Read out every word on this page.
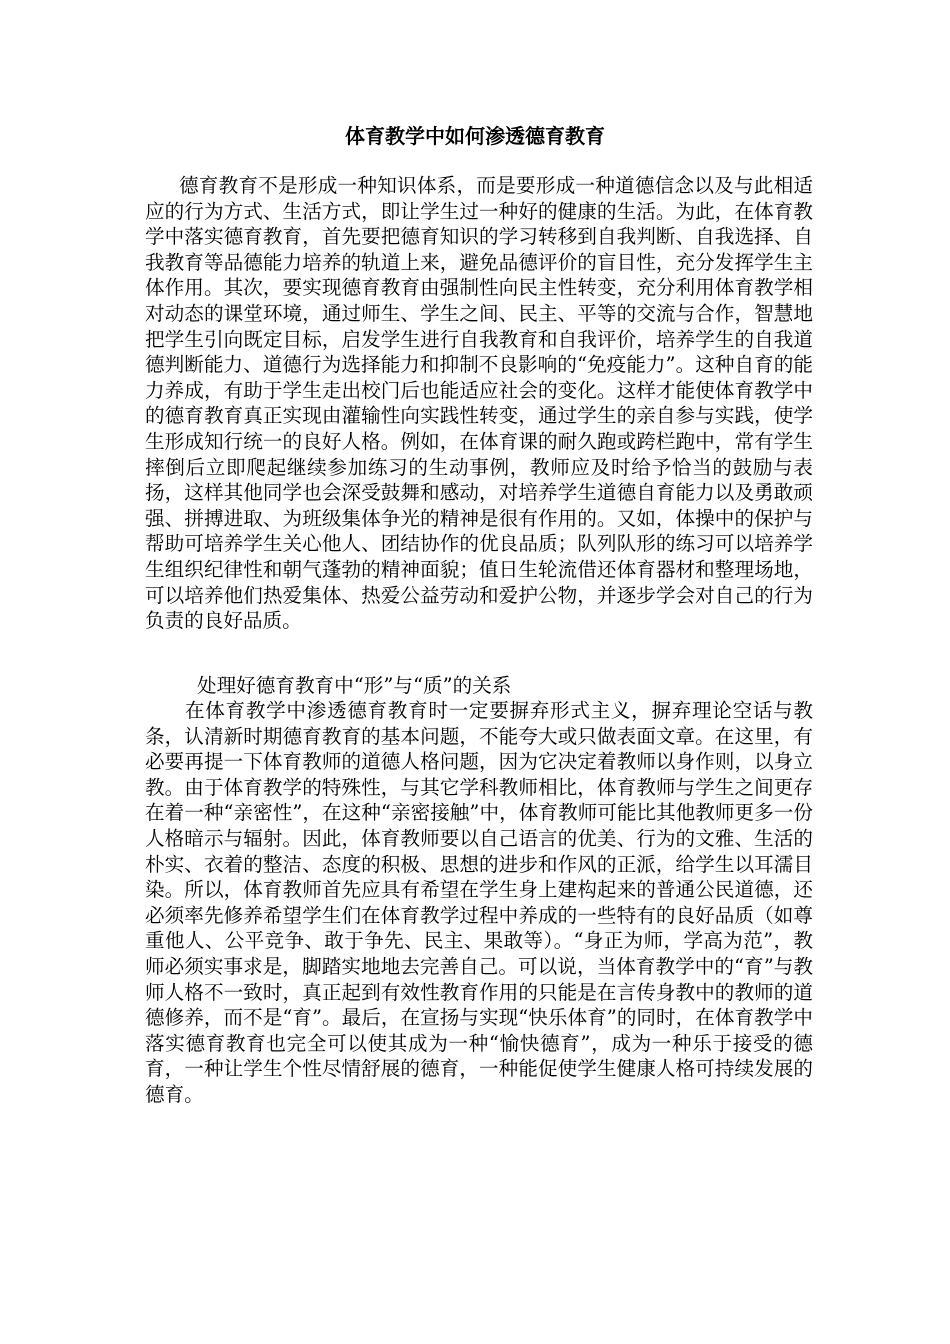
体育教学中如何渗透德育教育

德育教育不是形成一种知识体系，而是要形成一种道德信念以及与此相适应的行为方式、生活方式，即让学生过一种好的健康的生活。为此，在体育教学中落实德育教育，首先要把德育知识的学习转移到自我判断、自我选择、自我教育等品德能力培养的轨道上来，避免品德评价的盲目性，充分发挥学生主体作用。其次，要实现德育教育由强制性向民主性转变，充分利用体育教学相对动态的课堂环境，通过师生、学生之间、民主、平等的交流与合作，智慧地把学生引向既定目标，启发学生进行自我教育和自我评价，培养学生的自我道德判断能力、道德行为选择能力和抑制不良影响的“免疫能力”。这种自育的能力养成，有助于学生走出校门后也能适应社会的变化。这样才能使体育教学中的德育教育真正实现由灌输性向实践性转变，通过学生的亲自参与实践，使学生形成知行统一的良好人格。例如，在体育课的耐久跑或跨栏跑中，常有学生摔倒后立即爬起继续参加练习的生动事例，教师应及时给予恰当的鼓励与表扬，这样其他同学也会深受鼓舞和感动，对培养学生道德自育能力以及勇敢顽强、拼搏进取、为班级集体争光的精神是很有作用的。又如，体操中的保护与帮助可培养学生关心他人、团结协作的优良品质；队列队形的练习可以培养学生组织纪律性和朝气蓬勃的精神面貌；值日生轮流借还体育器材和整理场地，可以培养他们热爱集体、热爱公益劳动和爱护公物，并逐步学会对自己的行为负责的良好品质。

处理好德育教育中“形”与“质”的关系

在体育教学中渗透德育教育时一定要摒弃形式主义，摒弃理论空话与教条，认清新时期德育教育的基本问题，不能夸大或只做表面文章。在这里，有必要再提一下体育教师的道德人格问题，因为它决定着教师以身作则，以身立教。由于体育教学的特殊性，与其它学科教师相比，体育教师与学生之间更存在着一种“亲密性”，在这种“亲密接触”中，体育教师可能比其他教师更多一份人格暗示与辐射。因此，体育教师要以自己语言的优美、行为的文雅、生活的朴实、衣着的整洁、态度的积极、思想的进步和作风的正派，给学生以耳濡目染。所以，体育教师首先应具有希望在学生身上建构起来的普通公民道德，还必须率先修养希望学生们在体育教学过程中养成的一些特有的良好品质（如尊重他人、公平竞争、敢于争先、民主、果敢等）。“身正为师，学高为范”，教师必须实事求是，脚踏实地地去完善自己。可以说，当体育教学中的“育”与教师人格不一致时，真正起到有效性教育作用的只能是在言传身教中的教师的道德修养，而不是“育”。最后，在宣扬与实现“快乐体育”的同时，在体育教学中落实德育教育也完全可以使其成为一种“愉快德育”，成为一种乐于接受的德育，一种让学生个性尽情舒展的德育，一种能促使学生健康人格可持续发展的德育。
